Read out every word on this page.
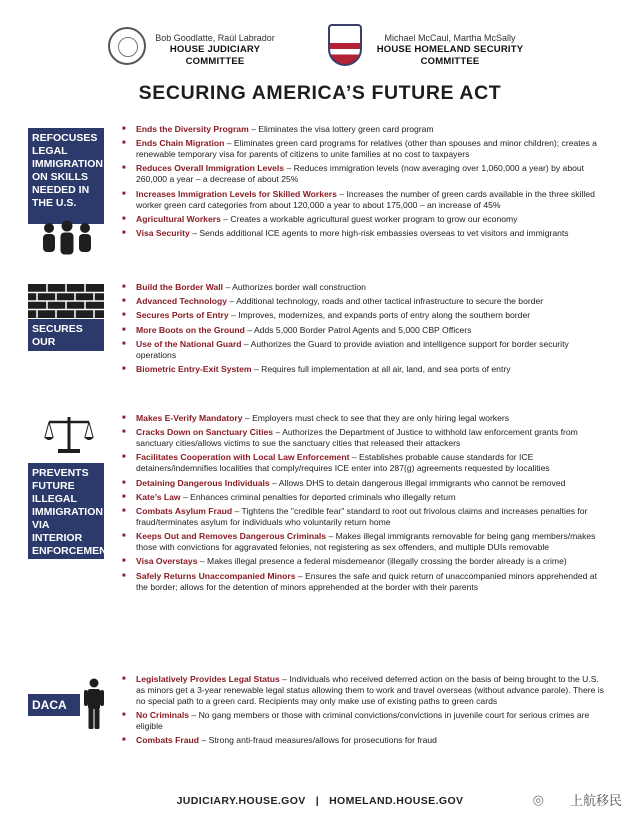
Bob Goodlatte, Raúl Labrador
HOUSE JUDICIARY COMMITTEE
Michael McCaul, Martha McSally
HOUSE HOMELAND SECURITY COMMITTEE
SECURING AMERICA’S FUTURE ACT
REFOCUSES LEGAL IMMIGRATION ON SKILLS NEEDED IN THE U.S.
■ Ends the Diversity Program – Eliminates the visa lottery green card program
■ Ends Chain Migration – Eliminates green card programs for relatives (other than spouses and minor children); creates a renewable temporary visa for parents of citizens to unite families at no cost to taxpayers
■ Reduces Overall Immigration Levels – Reduces immigration levels (now averaging over 1,060,000 a year) by about 260,000 a year – a decrease of about 25%
■ Increases Immigration Levels for Skilled Workers – Increases the number of green cards available in the three skilled worker green card categories from about 120,000 a year to about 175,000 – an increase of 45%
■ Agricultural Workers – Creates a workable agricultural guest worker program to grow our economy
■ Visa Security – Sends additional ICE agents to more high-risk embassies overseas to vet visitors and immigrants
SECURES OUR BORDERS
■ Build the Border Wall – Authorizes border wall construction
■ Advanced Technology – Additional technology, roads and other tactical infrastructure to secure the border
■ Secures Ports of Entry – Improves, modernizes, and expands ports of entry along the southern border
■ More Boots on the Ground – Adds 5,000 Border Patrol Agents and 5,000 CBP Officers
■ Use of the National Guard – Authorizes the Guard to provide aviation and intelligence support for border security operations
■ Biometric Entry-Exit System – Requires full implementation at all air, land, and sea ports of entry
PREVENTS FUTURE ILLEGAL IMMIGRATION VIA INTERIOR ENFORCEMENT
■ Makes E-Verify Mandatory – Employers must check to see that they are only hiring legal workers
■ Cracks Down on Sanctuary Cities – Authorizes the Department of Justice to withhold law enforcement grants from sanctuary cities/allows victims to sue the sanctuary cities that released their attackers
■ Facilitates Cooperation with Local Law Enforcement – Establishes probable cause standards for ICE detainers/indemnifies localities that comply/requires ICE enter into 287(g) agreements requested by localities
■ Detaining Dangerous Individuals – Allows DHS to detain dangerous illegal immigrants who cannot be removed
■ Kate’s Law – Enhances criminal penalties for deported criminals who illegally return
■ Combats Asylum Fraud – Tightens the "credible fear" standard to root out frivolous claims and increases penalties for fraud/terminates asylum for individuals who voluntarily return home
■ Keeps Out and Removes Dangerous Criminals – Makes illegal immigrants removable for being gang members/makes those with convictions for aggravated felonies, not registering as sex offenders, and multiple DUIs removable
■ Visa Overstays – Makes illegal presence a federal misdemeanor (illegally crossing the border already is a crime)
■ Safely Returns Unaccompanied Minors – Ensures the safe and quick return of unaccompanied minors apprehended at the border; allows for the detention of minors apprehended at the border with their parents
DACA
■ Legislatively Provides Legal Status – Individuals who received deferred action on the basis of being brought to the U.S. as minors get a 3-year renewable legal status allowing them to work and travel overseas (without advance parole). There is no special path to a green card. Recipients may only make use of existing paths to green cards
■ No Criminals – No gang members or those with criminal convictions/convictions in juvenile court for serious crimes are eligible
■ Combats Fraud – Strong anti-fraud measures/allows for prosecutions for fraud
JUDICIARY.HOUSE.GOV | HOMELAND.HOUSE.GOV	◎ 上航移民
